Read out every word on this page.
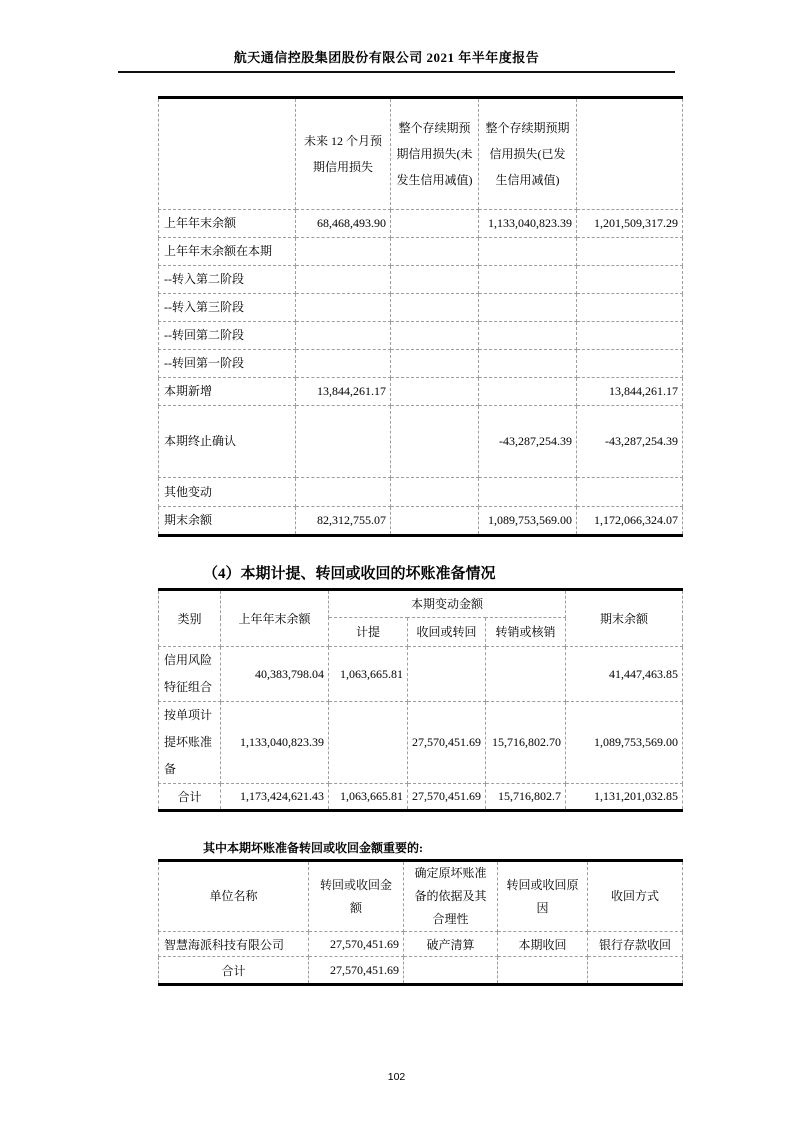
航天通信控股集团股份有限公司 2021 年半年度报告
	未来 12 个月预期信用损失	整个存续期预期信用损失(未发生信用减值)	整个存续期预期信用损失(已发生信用减值)	
上年年末余额	68,468,493.90		1,133,040,823.39	1,201,509,317.29
上年年末余额在本期				
--转入第二阶段				
--转入第三阶段				
--转回第二阶段				
--转回第一阶段				
本期新增	13,844,261.17			13,844,261.17
本期终止确认			-43,287,254.39	-43,287,254.39
其他变动				
期末余额	82,312,755.07		1,089,753,569.00	1,172,066,324.07
（4）本期计提、转回或收回的坏账准备情况
类别	上年年末余额	本期变动金额			期末余额
		计提	收回或转回	转销或核销	
信用风险特征组合	40,383,798.04	1,063,665.81			41,447,463.85
按单项计提坏账准备	1,133,040,823.39		27,570,451.69	15,716,802.70	1,089,753,569.00
合计	1,173,424,621.43	1,063,665.81	27,570,451.69	15,716,802.7	1,131,201,032.85
其中本期坏账准备转回或收回金额重要的:
单位名称	转回或收回金额	确定原坏账准备的依据及其合理性	转回或收回原因	收回方式
智慧海派科技有限公司	27,570,451.69	破产清算	本期收回	银行存款收回
合计	27,570,451.69			
102
